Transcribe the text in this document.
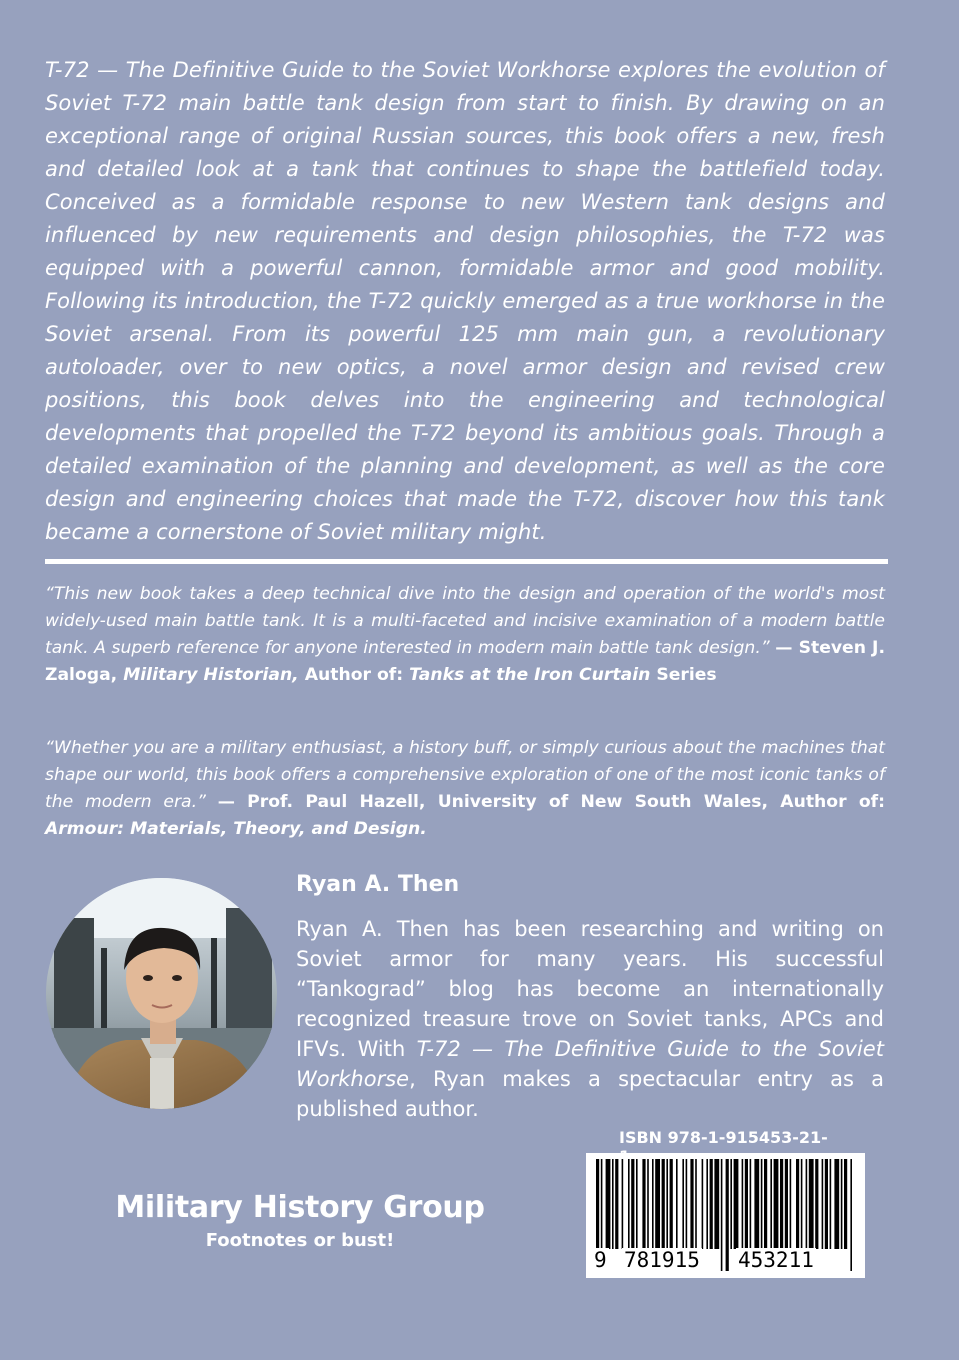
T-72 — The Definitive Guide to the Soviet Workhorse explores the evolution of Soviet T-72 main battle tank design from start to finish. By drawing on an exceptional range of original Russian sources, this book offers a new, fresh and detailed look at a tank that continues to shape the battlefield today. Conceived as a formidable response to new Western tank designs and influenced by new requirements and design philosophies, the T-72 was equipped with a powerful cannon, formidable armor and good mobility. Following its introduction, the T-72 quickly emerged as a true workhorse in the Soviet arsenal. From its powerful 125 mm main gun, a revolutionary autoloader, over to new optics, a novel armor design and revised crew positions, this book delves into the engineering and technological developments that propelled the T-72 beyond its ambitious goals. Through a detailed examination of the planning and development, as well as the core design and engineering choices that made the T-72, discover how this tank became a cornerstone of Soviet military might.

“This new book takes a deep technical dive into the design and operation of the world's most widely-used main battle tank. It is a multi-faceted and incisive examination of a modern battle tank. A superb reference for anyone interested in modern main battle tank design.” — Steven J. Zaloga, Military Historian, Author of: Tanks at the Iron Curtain Series

“Whether you are a military enthusiast, a history buff, or simply curious about the machines that shape our world, this book offers a comprehensive exploration of one of the most iconic tanks of the modern era.” — Prof. Paul Hazell, University of New South Wales, Author of: Armour: Materials, Theory, and Design.

Ryan A. Then

Ryan A. Then has been researching and writing on Soviet armor for many years. His successful “Tankograd” blog has become an internationally recognized treasure trove on Soviet tanks, APCs and IFVs. With T-72 — The Definitive Guide to the Soviet Workhorse, Ryan makes a spectacular entry as a published author.

ISBN 978-1-915453-21-

9 781915 453211

Military History Group

Footnotes or bust!
